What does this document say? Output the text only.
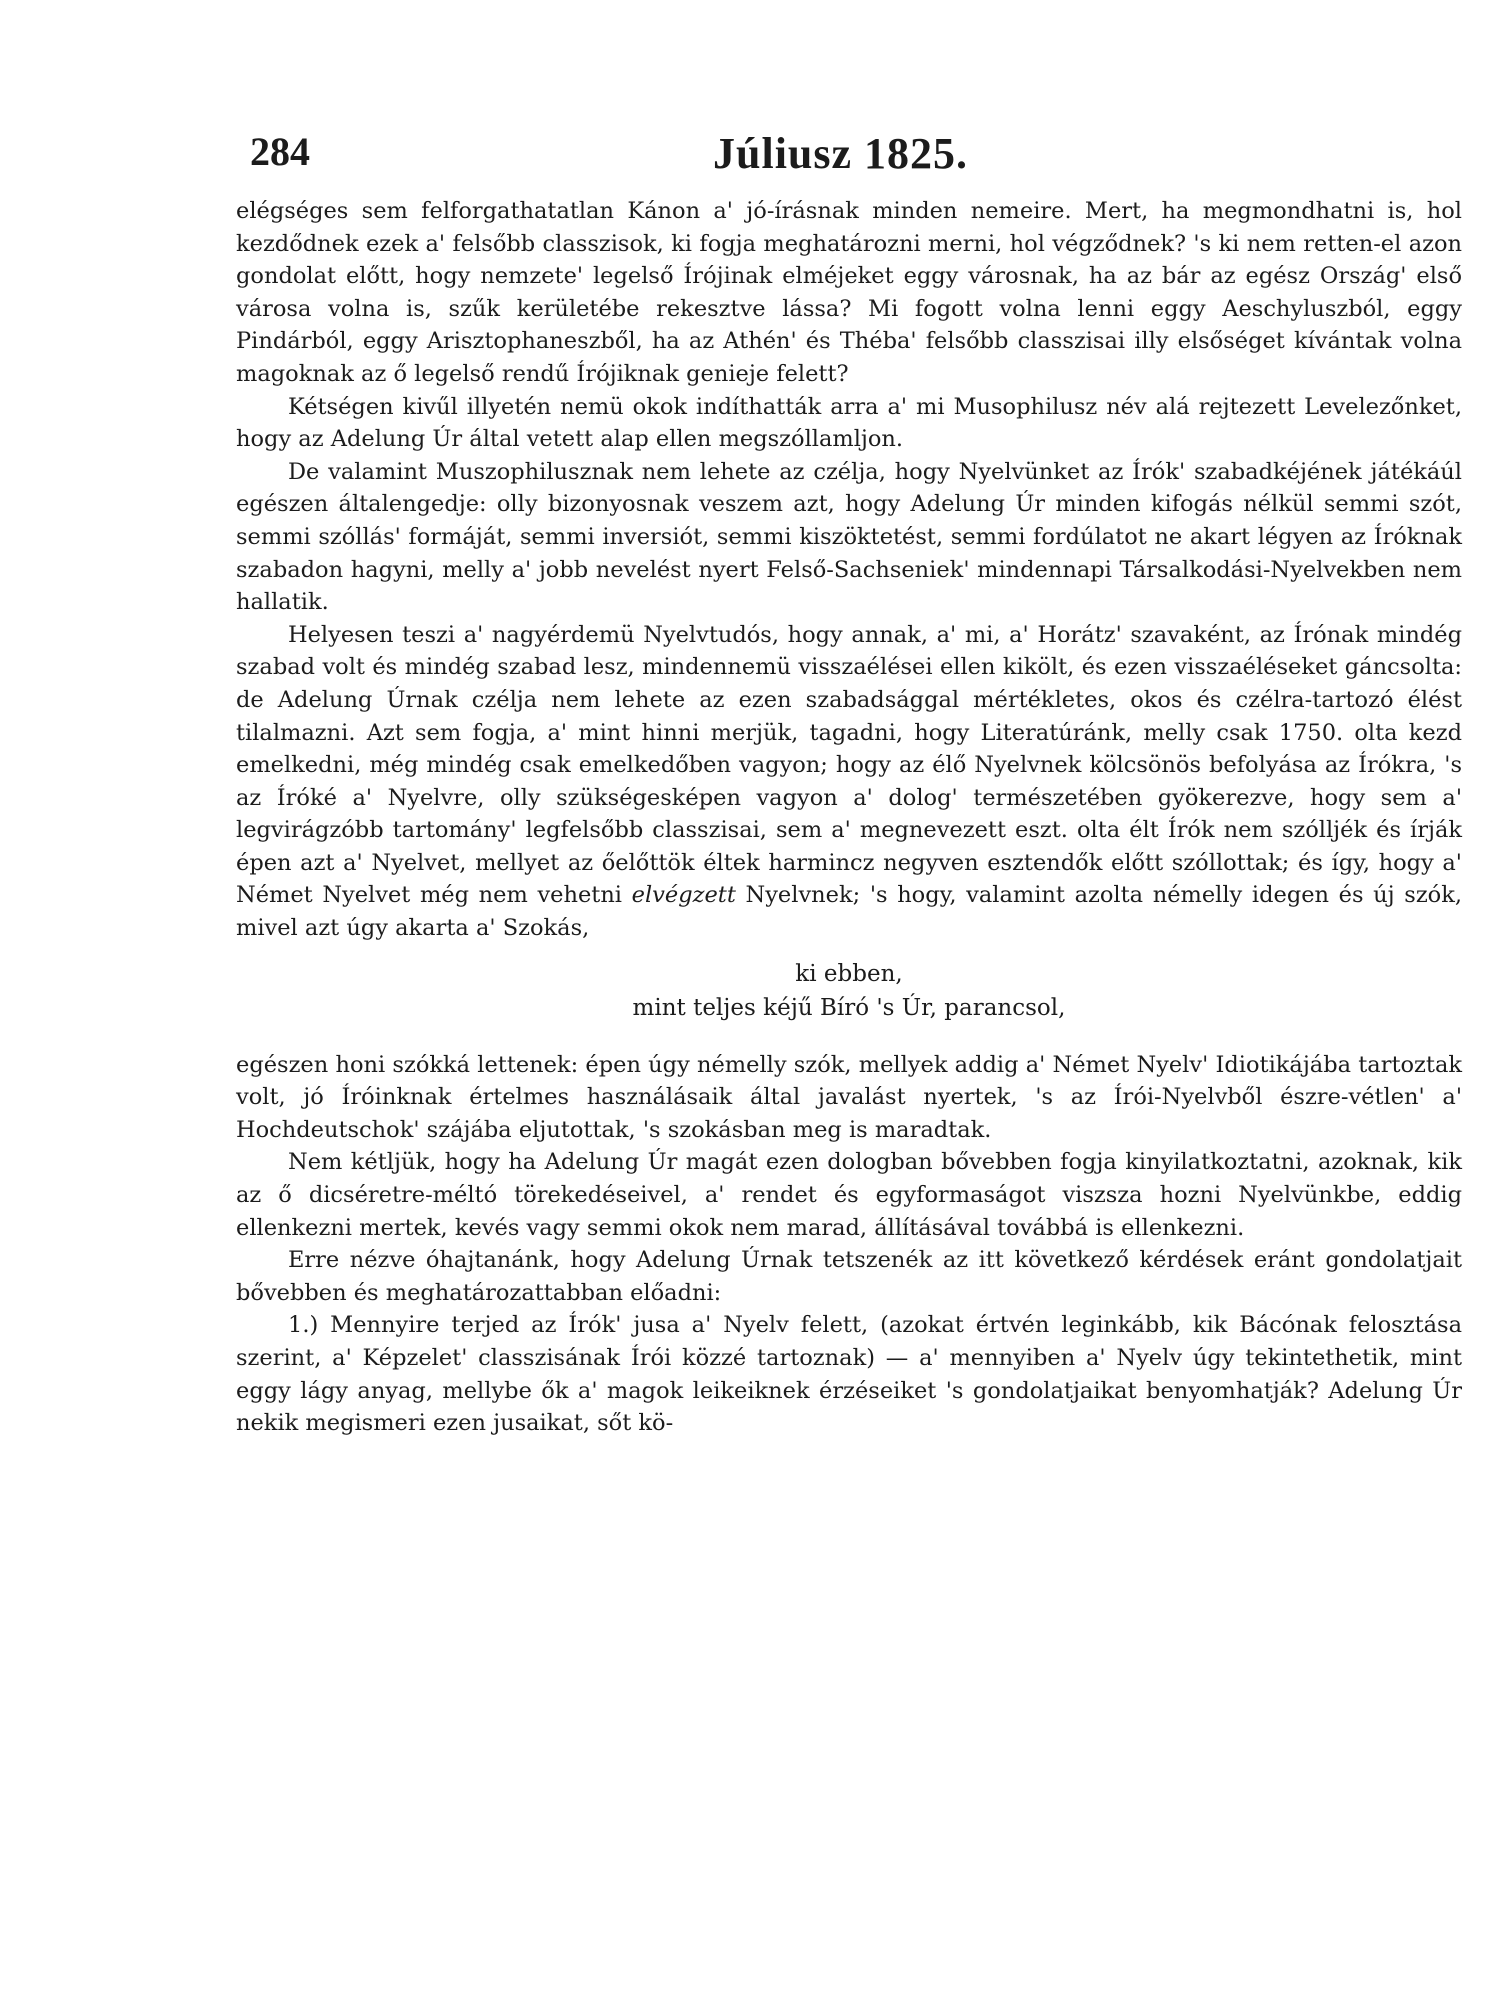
284	Júliusz 1825.

elégséges sem felforgathatatlan Kánon a' jó-írásnak minden nemeire. Mert, ha megmondhatni is, hol kezdődnek ezek a' felsőbb classzisok, ki fogja meghatározni merni, hol végződnek? 's ki nem retten-el azon gondolat előtt, hogy nemzete' legelső Írójinak elméjeket eggy városnak, ha az bár az egész Ország' első városa volna is, szűk kerületébe rekesztve lássa? Mi fogott volna lenni eggy Aeschyluszból, eggy Pindárból, eggy Arisztophaneszből, ha az Athén' és Théba' felsőbb classzisai illy elsőséget kívántak volna magoknak az ő legelső rendű Írójiknak genieje felett?

Kétségen kivűl illyetén nemü okok indíthatták arra a' mi Musophilusz név alá rejtezett Levelezőnket, hogy az Adelung Úr által vetett alap ellen megszóllamljon.

De valamint Muszophilusznak nem lehete az czélja, hogy Nyelvünket az Írók' szabadkéjének játékáúl egészen általengedje: olly bizonyosnak veszem azt, hogy Adelung Úr minden kifogás nélkül semmi szót, semmi szóllás' formáját, semmi inversiót, semmi kiszöktetést, semmi fordúlatot ne akart légyen az Íróknak szabadon hagyni, melly a' jobb nevelést nyert Felső-Sachseniek' mindennapi Társalkodási-Nyelvekben nem hallatik.

Helyesen teszi a' nagyérdemü Nyelvtudós, hogy annak, a' mi, a' Horátz' szavaként, az Írónak mindég szabad volt és mindég szabad lesz, mindennemü visszaélései ellen kikölt, és ezen visszaéléseket gáncsolta: de Adelung Úrnak czélja nem lehete az ezen szabadsággal mértékletes, okos és czélra-tartozó élést tilalmazni. Azt sem fogja, a' mint hinni merjük, tagadni, hogy Literatúránk, melly csak 1750. olta kezd emelkedni, még mindég csak emelkedőben vagyon; hogy az élő Nyelvnek kölcsönös befolyása az Írókra, 's az Íróké a' Nyelvre, olly szükségesképen vagyon a' dolog' természetében gyökerezve, hogy sem a' legvirágzóbb tartomány' legfelsőbb classzisai, sem a' megnevezett eszt. olta élt Írók nem szólljék és írják épen azt a' Nyelvet, mellyet az őelőttök éltek harmincz negyven esztendők előtt szóllottak; és így, hogy a' Német Nyelvet még nem vehetni elvégzett Nyelvnek; 's hogy, valamint azolta némelly idegen és új szók, mivel azt úgy akarta a' Szokás,

ki ebben,
mint teljes kéjű Bíró 's Úr, parancsol,

egészen honi szókká lettenek: épen úgy némelly szók, mellyek addig a' Német Nyelv' Idiotikájába tartoztak volt, jó Íróinknak értelmes használásaik által javalást nyertek, 's az Írói-Nyelvből észre-vétlen' a' Hochdeutschok' szájába eljutottak, 's szokásban meg is maradtak.

Nem kétljük, hogy ha Adelung Úr magát ezen dologban bővebben fogja kinyilatkoztatni, azoknak, kik az ő dicséretre-méltó törekedéseivel, a' rendet és egyformaságot viszsza hozni Nyelvünkbe, eddig ellenkezni mertek, kevés vagy semmi okok nem marad, állításával továbbá is ellenkezni.

Erre nézve óhajtanánk, hogy Adelung Úrnak tetszenék az itt következő kérdések eránt gondolatjait bővebben és meghatározattabban előadni:

1.) Mennyire terjed az Írók' jusa a' Nyelv felett, (azokat értvén leginkább, kik Bácónak felosztása szerint, a' Képzelet' classzisának Írói közzé tartoznak) — a' mennyiben a' Nyelv úgy tekintethetik, mint eggy lágy anyag, mellybe ők a' magok leikeiknek érzéseiket 's gondolatjaikat benyomhatják? Adelung Úr nekik megismeri ezen jusaikat, sőt kö-
